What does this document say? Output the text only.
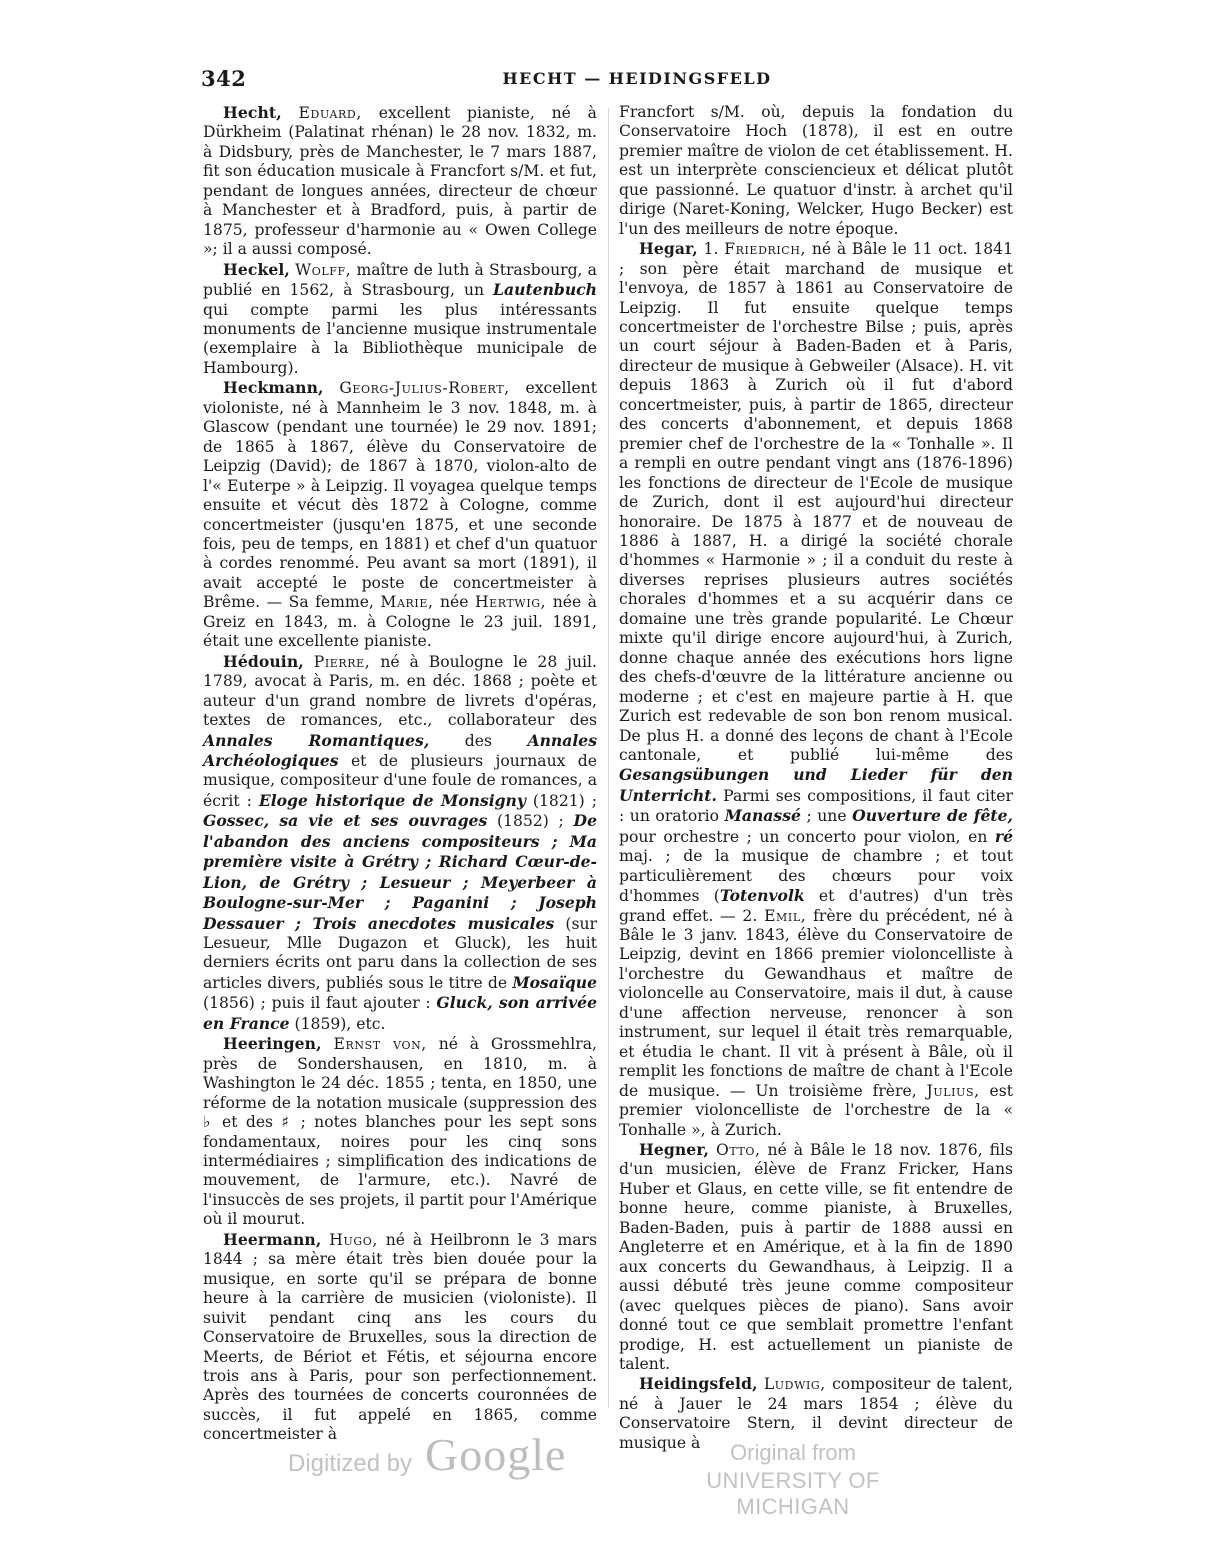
342	HECHT — HEIDINGSFELD

Hecht, Eduard, excellent pianiste, né à Dürkheim (Palatinat rhénan) le 28 nov. 1832, m. à Didsbury, près de Manchester, le 7 mars 1887, fit son éducation musicale à Francfort s/M. et fut, pendant de longues années, directeur de chœur à Manchester et à Bradford, puis, à partir de 1875, professeur d'harmonie au « Owen College »; il a aussi composé.

Heckel, Wolff, maître de luth à Strasbourg, a publié en 1562, à Strasbourg, un Lautenbuch qui compte parmi les plus intéressants monuments de l'ancienne musique instrumentale (exemplaire à la Bibliothèque municipale de Hambourg).

Heckmann, Georg-Julius-Robert, excellent violoniste, né à Mannheim le 3 nov. 1848, m. à Glascow (pendant une tournée) le 29 nov. 1891; de 1865 à 1867, élève du Conservatoire de Leipzig (David); de 1867 à 1870, violon-alto de l'« Euterpe » à Leipzig. Il voyagea quelque temps ensuite et vécut dès 1872 à Cologne, comme concertmeister (jusqu'en 1875, et une seconde fois, peu de temps, en 1881) et chef d'un quatuor à cordes renommé. Peu avant sa mort (1891), il avait accepté le poste de concertmeister à Brême. — Sa femme, Marie, née Hertwig, née à Greiz en 1843, m. à Cologne le 23 juil. 1891, était une excellente pianiste.

Hédouin, Pierre, né à Boulogne le 28 juil. 1789, avocat à Paris, m. en déc. 1868 ; poète et auteur d'un grand nombre de livrets d'opéras, textes de romances, etc., collaborateur des Annales Romantiques, des Annales Archéologiques et de plusieurs journaux de musique, compositeur d'une foule de romances, a écrit : Eloge historique de Monsigny (1821) ; Gossec, sa vie et ses ouvrages (1852) ; De l'abandon des anciens compositeurs ; Ma première visite à Grétry ; Richard Cœur-de-Lion, de Grétry ; Lesueur ; Meyerbeer à Boulogne-sur-Mer ; Paganini ; Joseph Dessauer ; Trois anecdotes musicales (sur Lesueur, Mlle Dugazon et Gluck), les huit derniers écrits ont paru dans la collection de ses articles divers, publiés sous le titre de Mosaïque (1856) ; puis il faut ajouter : Gluck, son arrivée en France (1859), etc.

Heeringen, Ernst von, né à Grossmehlra, près de Sondershausen, en 1810, m. à Washington le 24 déc. 1855 ; tenta, en 1850, une réforme de la notation musicale (suppression des ♭ et des ♯ ; notes blanches pour les sept sons fondamentaux, noires pour les cinq sons intermédiaires ; simplification des indications de mouvement, de l'armure, etc.). Navré de l'insuccès de ses projets, il partit pour l'Amérique où il mourut.

Heermann, Hugo, né à Heilbronn le 3 mars 1844 ; sa mère était très bien douée pour la musique, en sorte qu'il se prépara de bonne heure à la carrière de musicien (violoniste). Il suivit pendant cinq ans les cours du Conservatoire de Bruxelles, sous la direction de Meerts, de Bériot et Fétis, et séjourna encore trois ans à Paris, pour son perfectionnement. Après des tournées de concerts couronnées de succès, il fut appelé en 1865, comme concertmeister à

Francfort s/M. où, depuis la fondation du Conservatoire Hoch (1878), il est en outre premier maître de violon de cet établissement. H. est un interprète consciencieux et délicat plutôt que passionné. Le quatuor d'instr. à archet qu'il dirige (Naret-Koning, Welcker, Hugo Becker) est l'un des meilleurs de notre époque.

Hegar, 1. Friedrich, né à Bâle le 11 oct. 1841 ; son père était marchand de musique et l'envoya, de 1857 à 1861 au Conservatoire de Leipzig. Il fut ensuite quelque temps concertmeister de l'orchestre Bilse ; puis, après un court séjour à Baden-Baden et à Paris, directeur de musique à Gebweiler (Alsace). H. vit depuis 1863 à Zurich où il fut d'abord concertmeister, puis, à partir de 1865, directeur des concerts d'abonnement, et depuis 1868 premier chef de l'orchestre de la « Tonhalle ». Il a rempli en outre pendant vingt ans (1876-1896) les fonctions de directeur de l'Ecole de musique de Zurich, dont il est aujourd'hui directeur honoraire. De 1875 à 1877 et de nouveau de 1886 à 1887, H. a dirigé la société chorale d'hommes « Harmonie » ; il a conduit du reste à diverses reprises plusieurs autres sociétés chorales d'hommes et a su acquérir dans ce domaine une très grande popularité. Le Chœur mixte qu'il dirige encore aujourd'hui, à Zurich, donne chaque année des exécutions hors ligne des chefs-d'œuvre de la littérature ancienne ou moderne ; et c'est en majeure partie à H. que Zurich est redevable de son bon renom musical. De plus H. a donné des leçons de chant à l'Ecole cantonale, et publié lui-même des Gesangsübungen und Lieder für den Unterricht. Parmi ses compositions, il faut citer : un oratorio Manassé ; une Ouverture de fête, pour orchestre ; un concerto pour violon, en ré maj. ; de la musique de chambre ; et tout particulièrement des chœurs pour voix d'hommes (Totenvolk et d'autres) d'un très grand effet. — 2. Emil, frère du précédent, né à Bâle le 3 janv. 1843, élève du Conservatoire de Leipzig, devint en 1866 premier violoncelliste à l'orchestre du Gewandhaus et maître de violoncelle au Conservatoire, mais il dut, à cause d'une affection nerveuse, renoncer à son instrument, sur lequel il était très remarquable, et étudia le chant. Il vit à présent à Bâle, où il remplit les fonctions de maître de chant à l'Ecole de musique. — Un troisième frère, Julius, est premier violoncelliste de l'orchestre de la « Tonhalle », à Zurich.

Hegner, Otto, né à Bâle le 18 nov. 1876, fils d'un musicien, élève de Franz Fricker, Hans Huber et Glaus, en cette ville, se fit entendre de bonne heure, comme pianiste, à Bruxelles, Baden-Baden, puis à partir de 1888 aussi en Angleterre et en Amérique, et à la fin de 1890 aux concerts du Gewandhaus, à Leipzig. Il a aussi débuté très jeune comme compositeur (avec quelques pièces de piano). Sans avoir donné tout ce que semblait promettre l'enfant prodige, H. est actuellement un pianiste de talent.

Heidingsfeld, Ludwig, compositeur de talent, né à Jauer le 24 mars 1854 ; élève du Conservatoire Stern, il devint directeur de musique à

Digitized by Google	Original from
UNIVERSITY OF MICHIGAN
